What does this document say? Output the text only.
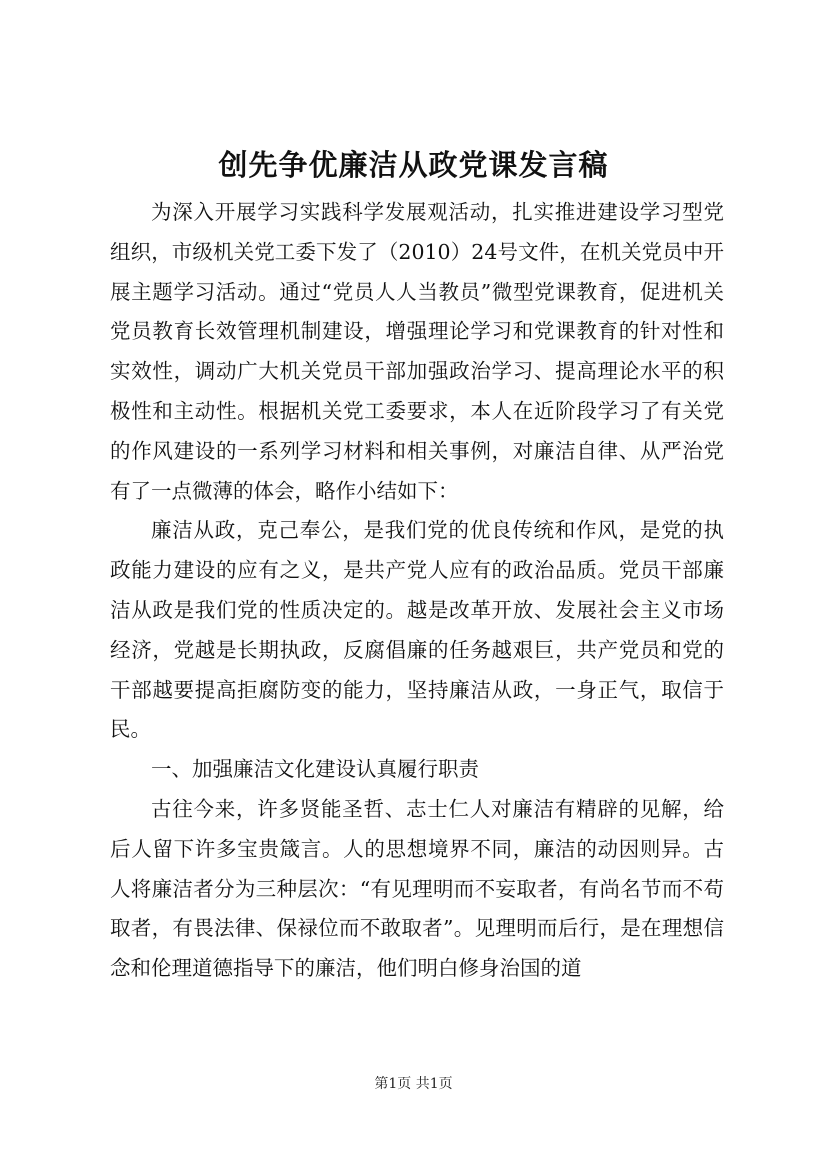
创先争优廉洁从政党课发言稿

为深入开展学习实践科学发展观活动，扎实推进建设学习型党组织，市级机关党工委下发了（2010）24号文件，在机关党员中开展主题学习活动。通过“党员人人当教员”微型党课教育，促进机关党员教育长效管理机制建设，增强理论学习和党课教育的针对性和实效性，调动广大机关党员干部加强政治学习、提高理论水平的积极性和主动性。根据机关党工委要求，本人在近阶段学习了有关党的作风建设的一系列学习材料和相关事例，对廉洁自律、从严治党有了一点微薄的体会，略作小结如下：

廉洁从政，克己奉公，是我们党的优良传统和作风，是党的执政能力建设的应有之义，是共产党人应有的政治品质。党员干部廉洁从政是我们党的性质决定的。越是改革开放、发展社会主义市场经济，党越是长期执政，反腐倡廉的任务越艰巨，共产党员和党的干部越要提高拒腐防变的能力，坚持廉洁从政，一身正气，取信于民。

一、加强廉洁文化建设认真履行职责

古往今来，许多贤能圣哲、志士仁人对廉洁有精辟的见解，给后人留下许多宝贵箴言。人的思想境界不同，廉洁的动因则异。古人将廉洁者分为三种层次：“有见理明而不妄取者，有尚名节而不苟取者，有畏法律、保禄位而不敢取者”。见理明而后行，是在理想信念和伦理道德指导下的廉洁，他们明白修身治国的道

第1页 共1页
